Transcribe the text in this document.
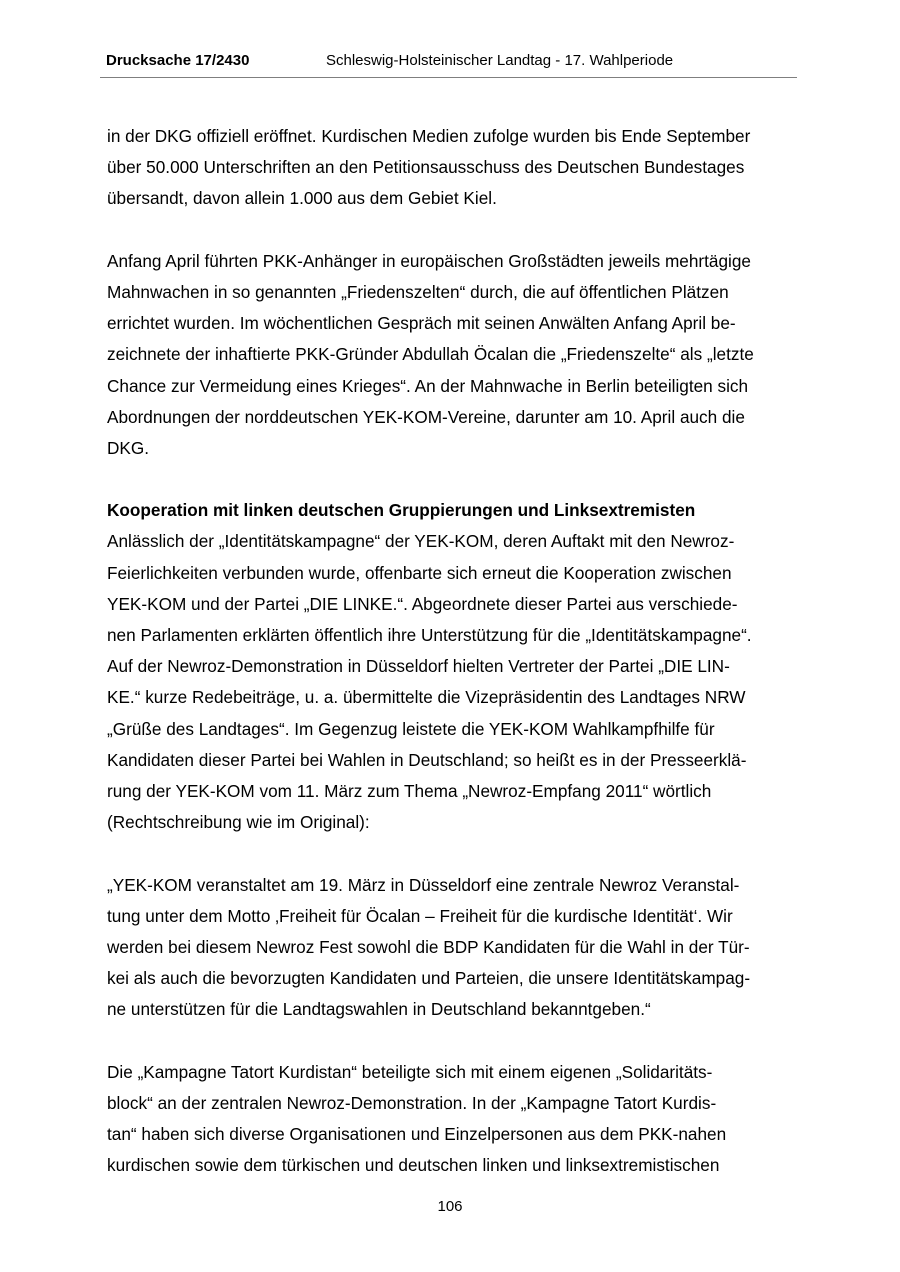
Drucksache 17/2430	Schleswig-Holsteinischer Landtag - 17. Wahlperiode
in der DKG offiziell eröffnet. Kurdischen Medien zufolge wurden bis Ende September
über 50.000 Unterschriften an den Petitionsausschuss des Deutschen Bundestages
übersandt, davon allein 1.000 aus dem Gebiet Kiel.
Anfang April führten PKK-Anhänger in europäischen Großstädten jeweils mehrtägige
Mahnwachen in so genannten „Friedenszelten“ durch, die auf öffentlichen Plätzen
errichtet wurden. Im wöchentlichen Gespräch mit seinen Anwälten Anfang April be-
zeichnete der inhaftierte PKK-Gründer Abdullah Öcalan die „Friedenszelte“ als „letzte
Chance zur Vermeidung eines Krieges“. An der Mahnwache in Berlin beteiligten sich
Abordnungen der norddeutschen YEK-KOM-Vereine, darunter am 10. April auch die
DKG.
Kooperation mit linken deutschen Gruppierungen und Linksextremisten
Anlässlich der „Identitätskampagne“ der YEK-KOM, deren Auftakt mit den Newroz-
Feierlichkeiten verbunden wurde, offenbarte sich erneut die Kooperation zwischen
YEK-KOM und der Partei „DIE LINKE.“. Abgeordnete dieser Partei aus verschiede-
nen Parlamenten erklärten öffentlich ihre Unterstützung für die „Identitätskampagne“.
Auf der Newroz-Demonstration in Düsseldorf hielten Vertreter der Partei „DIE LIN-
KE.“ kurze Redebeiträge, u. a. übermittelte die Vizepräsidentin des Landtages NRW
„Grüße des Landtages“. Im Gegenzug leistete die YEK-KOM Wahlkampfhilfe für
Kandidaten dieser Partei bei Wahlen in Deutschland; so heißt es in der Presseerklä-
rung der YEK-KOM vom 11. März zum Thema „Newroz-Empfang 2011“ wörtlich
(Rechtschreibung wie im Original):
„YEK-KOM veranstaltet am 19. März in Düsseldorf eine zentrale Newroz Veranstal-
tung unter dem Motto ‚Freiheit für Öcalan – Freiheit für die kurdische Identität‘. Wir
werden bei diesem Newroz Fest sowohl die BDP Kandidaten für die Wahl in der Tür-
kei als auch die bevorzugten Kandidaten und Parteien, die unsere Identitätskampag-
ne unterstützen für die Landtagswahlen in Deutschland bekanntgeben.“
Die „Kampagne Tatort Kurdistan“ beteiligte sich mit einem eigenen „Solidaritäts-
block“ an der zentralen Newroz-Demonstration. In der „Kampagne Tatort Kurdis-
tan“ haben sich diverse Organisationen und Einzelpersonen aus dem PKK-nahen
kurdischen sowie dem türkischen und deutschen linken und linksextremistischen
106
